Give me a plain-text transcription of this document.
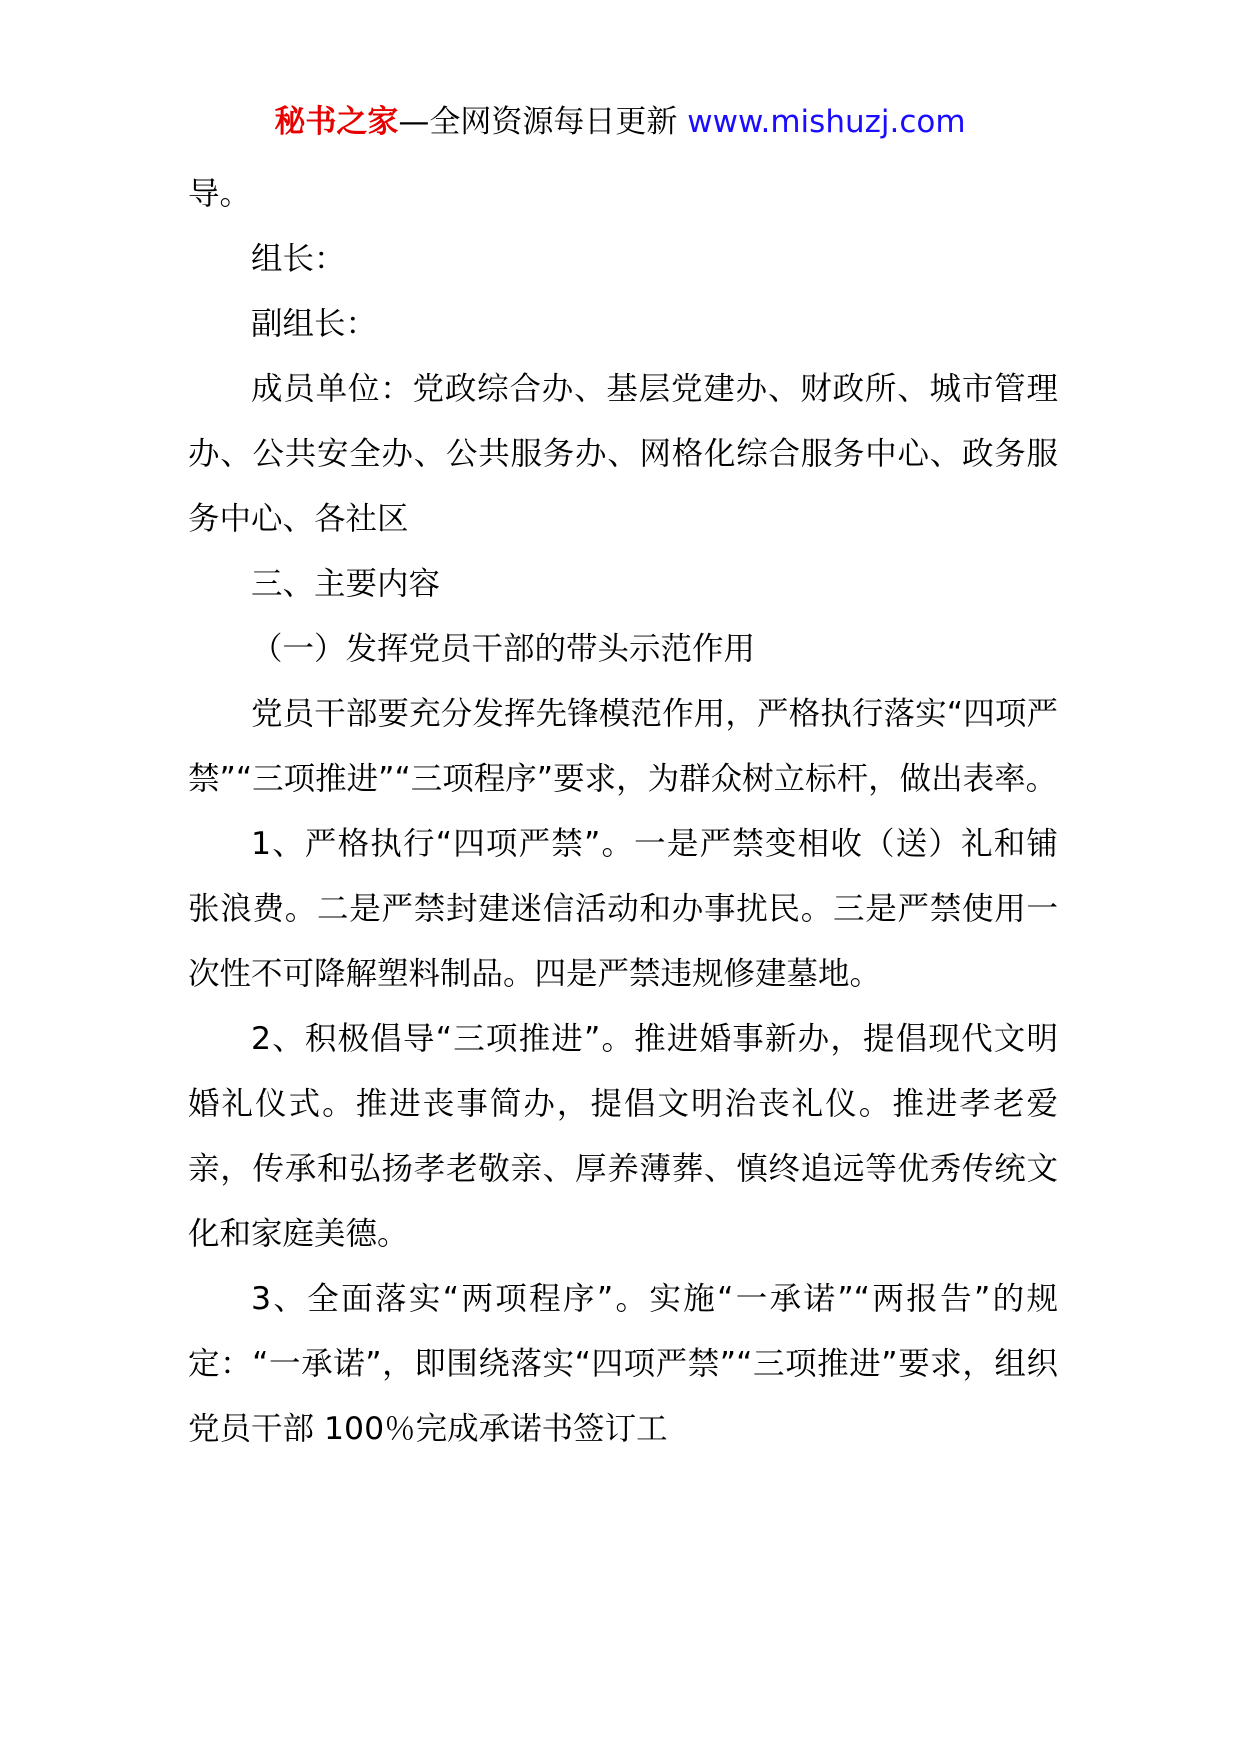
秘书之家—全网资源每日更新 www.mishuzj.com

导。

组长：

副组长：

成员单位：党政综合办、基层党建办、财政所、城市管理办、公共安全办、公共服务办、网格化综合服务中心、政务服务中心、各社区

三、主要内容

（一）发挥党员干部的带头示范作用

党员干部要充分发挥先锋模范作用，严格执行落实“四项严禁”“三项推进”“三项程序”要求，为群众树立标杆，做出表率。

1、严格执行“四项严禁”。一是严禁变相收（送）礼和铺张浪费。二是严禁封建迷信活动和办事扰民。三是严禁使用一次性不可降解塑料制品。四是严禁违规修建墓地。

2、积极倡导“三项推进”。推进婚事新办，提倡现代文明婚礼仪式。推进丧事简办，提倡文明治丧礼仪。推进孝老爱亲，传承和弘扬孝老敬亲、厚养薄葬、慎终追远等优秀传统文化和家庭美德。

3、全面落实“两项程序”。实施“一承诺”“两报告”的规定：“一承诺”，即围绕落实“四项严禁”“三项推进”要求，组织党员干部 100％完成承诺书签订工
